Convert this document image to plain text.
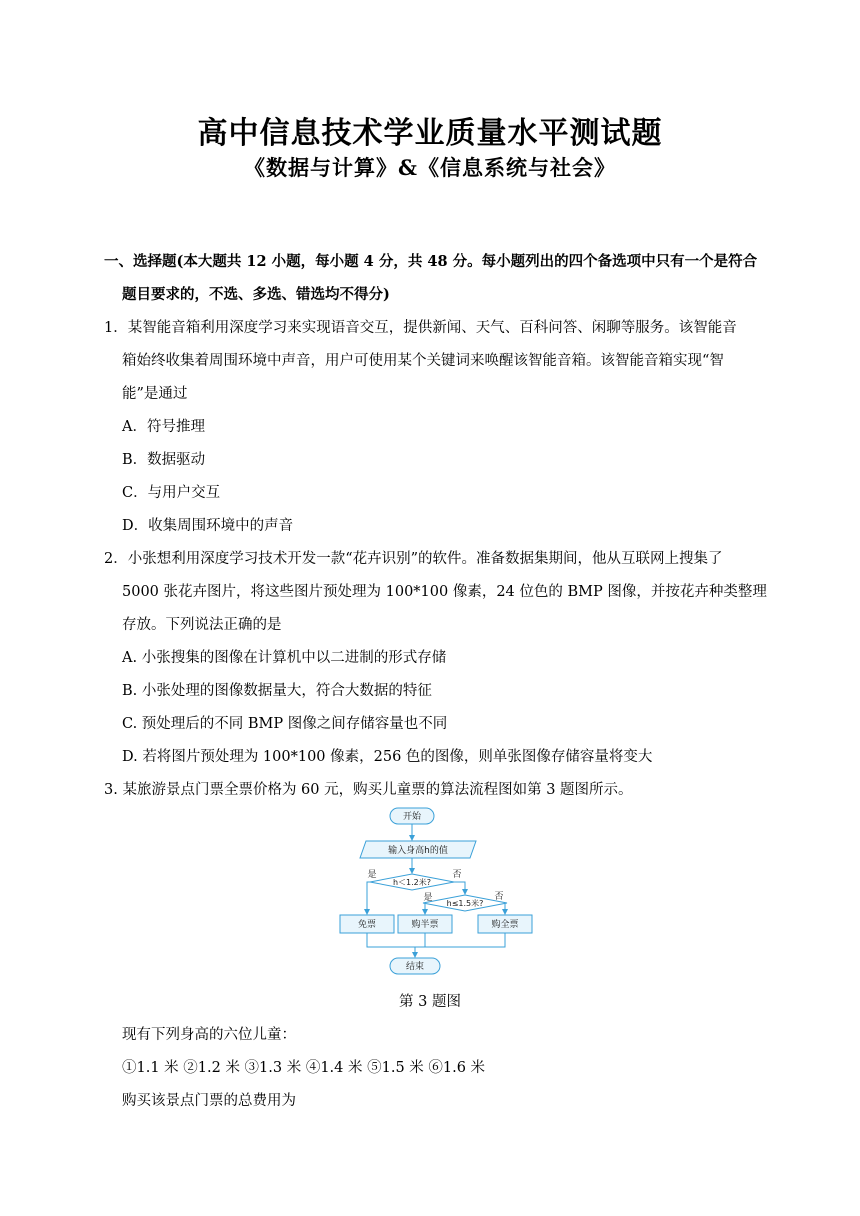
高中信息技术学业质量水平测试题
《数据与计算》&《信息系统与社会》
一、选择题(本大题共 12 小题，每小题 4 分，共 48 分。每小题列出的四个备选项中只有一个是符合
题目要求的，不选、多选、错选均不得分)
1．某智能音箱利用深度学习来实现语音交互，提供新闻、天气、百科问答、闲聊等服务。该智能音
箱始终收集着周围环境中声音，用户可使用某个关键词来唤醒该智能音箱。该智能音箱实现“智
能”是通过
A．符号推理
B．数据驱动
C．与用户交互
D．收集周围环境中的声音
2．小张想利用深度学习技术开发一款“花卉识别”的软件。准备数据集期间，他从互联网上搜集了
5000 张花卉图片，将这些图片预处理为 100*100 像素，24 位色的 BMP 图像，并按花卉种类整理
存放。下列说法正确的是
A. 小张搜集的图像在计算机中以二进制的形式存储
B. 小张处理的图像数据量大，符合大数据的特征
C. 预处理后的不同 BMP 图像之间存储容量也不同
D. 若将图片预处理为 100*100 像素，256 色的图像，则单张图像存储容量将变大
3. 某旅游景点门票全票价格为 60 元，购买儿童票的算法流程图如第 3 题图所示。
开始
输入身高h的值
h＜1.2米?
h≤1.5米?
是	否
是	否
免票	购半票	购全票
结束
第 3 题图
现有下列身高的六位儿童：
①1.1 米 ②1.2 米 ③1.3 米 ④1.4 米 ⑤1.5 米 ⑥1.6 米
购买该景点门票的总费用为
